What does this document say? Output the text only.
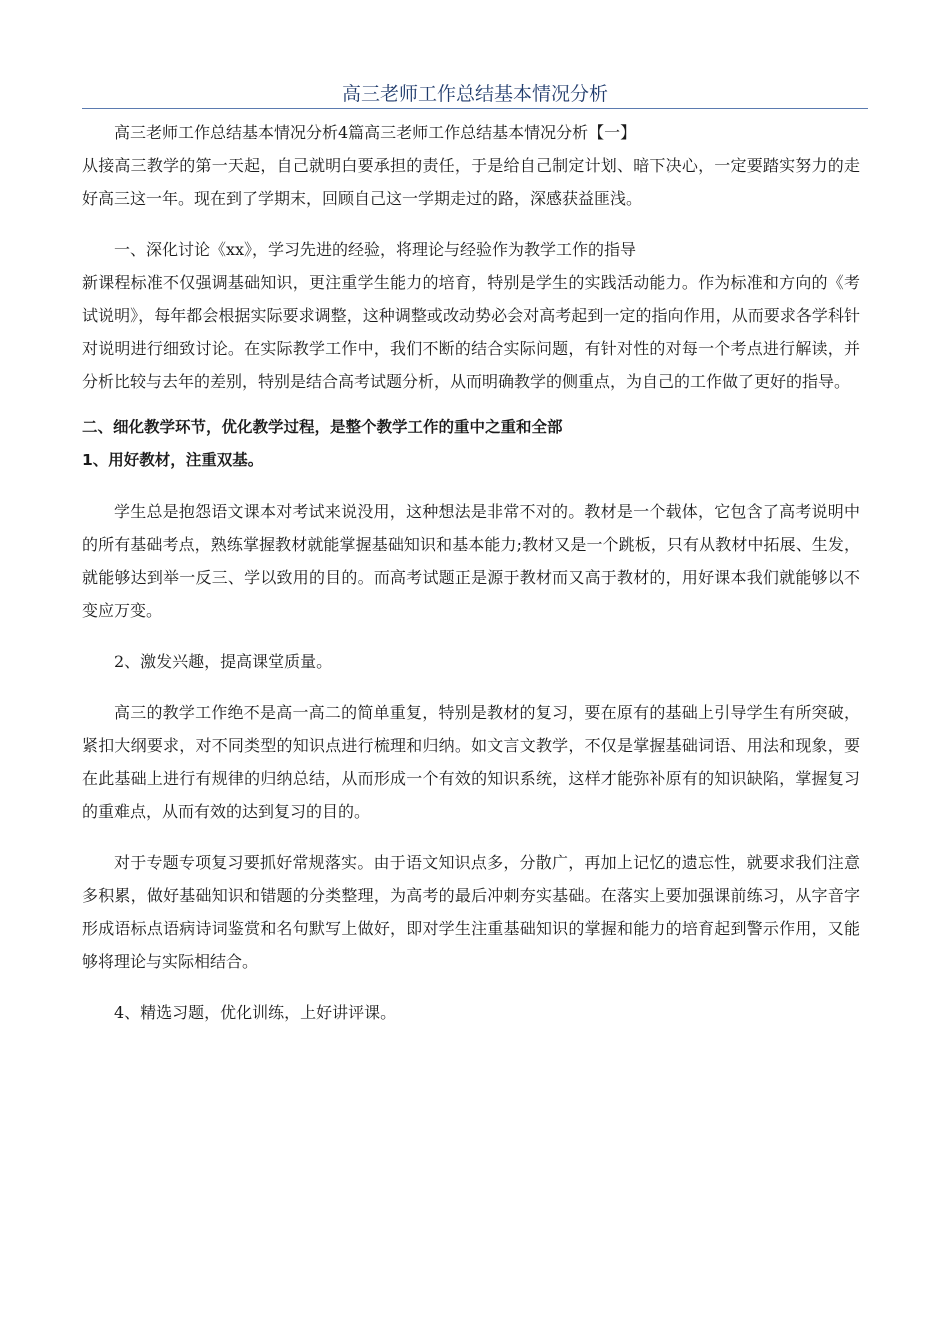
高三老师工作总结基本情况分析

高三老师工作总结基本情况分析4篇高三老师工作总结基本情况分析【一】

从接高三教学的第一天起，自己就明白要承担的责任，于是给自己制定计划、暗下决心，一定要踏实努力的走好高三这一年。现在到了学期末，回顾自己这一学期走过的路，深感获益匪浅。

一、深化讨论《xx》，学习先进的经验，将理论与经验作为教学工作的指导

新课程标准不仅强调基础知识，更注重学生能力的培育，特别是学生的实践活动能力。作为标准和方向的《考试说明》，每年都会根据实际要求调整，这种调整或改动势必会对高考起到一定的指向作用，从而要求各学科针对说明进行细致讨论。在实际教学工作中，我们不断的结合实际问题，有针对性的对每一个考点进行解读，并分析比较与去年的差别，特别是结合高考试题分析，从而明确教学的侧重点，为自己的工作做了更好的指导。

二、细化教学环节，优化教学过程，是整个教学工作的重中之重和全部

1、用好教材，注重双基。

学生总是抱怨语文课本对考试来说没用，这种想法是非常不对的。教材是一个载体，它包含了高考说明中的所有基础考点，熟练掌握教材就能掌握基础知识和基本能力;教材又是一个跳板，只有从教材中拓展、生发，就能够达到举一反三、学以致用的目的。而高考试题正是源于教材而又高于教材的，用好课本我们就能够以不变应万变。

2、激发兴趣，提高课堂质量。

高三的教学工作绝不是高一高二的简单重复，特别是教材的复习，要在原有的基础上引导学生有所突破，紧扣大纲要求，对不同类型的知识点进行梳理和归纳。如文言文教学，不仅是掌握基础词语、用法和现象，要在此基础上进行有规律的归纳总结，从而形成一个有效的知识系统，这样才能弥补原有的知识缺陷，掌握复习的重难点，从而有效的达到复习的目的。

对于专题专项复习要抓好常规落实。由于语文知识点多，分散广，再加上记忆的遗忘性，就要求我们注意多积累，做好基础知识和错题的分类整理，为高考的最后冲刺夯实基础。在落实上要加强课前练习，从字音字形成语标点语病诗词鉴赏和名句默写上做好，即对学生注重基础知识的掌握和能力的培育起到警示作用，又能够将理论与实际相结合。

4、精选习题，优化训练，上好讲评课。
